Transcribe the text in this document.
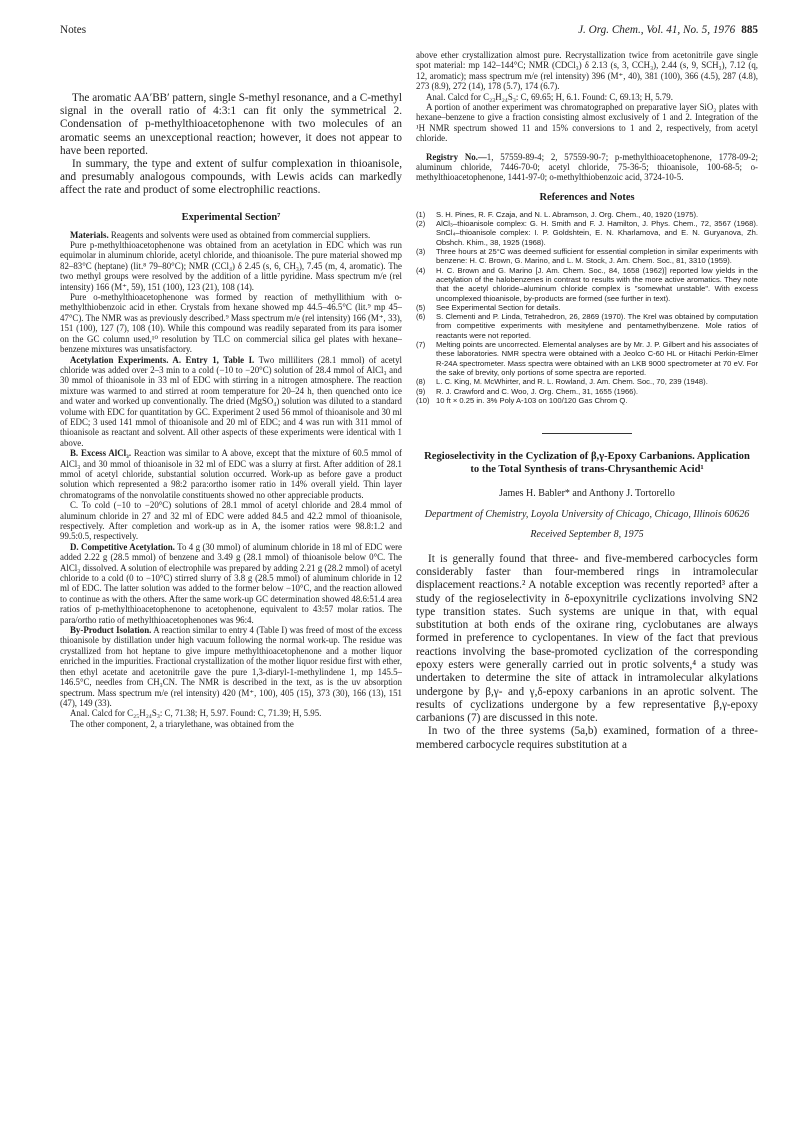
Notes	J. Org. Chem., Vol. 41, No. 5, 1976 885

The aromatic AA′BB′ pattern, single S-methyl resonance, and a C-methyl signal in the overall ratio of 4:3:1 can fit only the symmetrical 2. Condensation of p-methylthioacetophenone with two molecules of an aromatic seems an unexceptional reaction; however, it does not appear to have been reported.

In summary, the type and extent of sulfur complexation in thioanisole, and presumably analogous compounds, with Lewis acids can markedly affect the rate and product of some electrophilic reactions.

Experimental Section⁷

Materials. Reagents and solvents were used as obtained from commercial suppliers.

Pure p-methylthioacetophenone was obtained from an acetylation in EDC which was run equimolar in aluminum chloride, acetyl chloride, and thioanisole. The pure material showed mp 82–83°C (heptane) (lit.⁸ 79–80°C); NMR (CCl₄) δ 2.45 (s, 6, CH₃), 7.45 (m, 4, aromatic). The two methyl groups were resolved by the addition of a little pyridine. Mass spectrum m/e (rel intensity) 166 (M⁺, 59), 151 (100), 123 (21), 108 (14).

Pure o-methylthioacetophenone was formed by reaction of methyllithium with o-methylthiobenzoic acid in ether. Crystals from hexane showed mp 44.5–46.5°C (lit.⁹ mp 45–47°C). The NMR was as previously described.⁹ Mass spectrum m/e (rel intensity) 166 (M⁺, 33), 151 (100), 127 (7), 108 (10). While this compound was readily separated from its para isomer on the GC column used,¹⁰ resolution by TLC on commercial silica gel plates with hexane–benzene mixtures was unsatisfactory.

Acetylation Experiments. A. Entry 1, Table I. Two milliliters (28.1 mmol) of acetyl chloride was added over 2–3 min to a cold (−10 to −20°C) solution of 28.4 mmol of AlCl₃ and 30 mmol of thioanisole in 33 ml of EDC with stirring in a nitrogen atmosphere. The reaction mixture was warmed to and stirred at room temperature for 20–24 h, then quenched onto ice and water and worked up conventionally. The dried (MgSO₄) solution was diluted to a standard volume with EDC for quantitation by GC. Experiment 2 used 56 mmol of thioanisole and 30 ml of EDC; 3 used 141 mmol of thioanisole and 20 ml of EDC; and 4 was run with 311 mmol of thioanisole as reactant and solvent. All other aspects of these experiments were identical with 1 above.

B. Excess AlCl₃. Reaction was similar to A above, except that the mixture of 60.5 mmol of AlCl₃ and 30 mmol of thioanisole in 32 ml of EDC was a slurry at first. After addition of 28.1 mmol of acetyl chloride, substantial solution occurred. Work-up as before gave a product solution which represented a 98:2 para:ortho isomer ratio in 14% overall yield. Thin layer chromatograms of the nonvolatile constituents showed no other appreciable products.

C. To cold (−10 to −20°C) solutions of 28.1 mmol of acetyl chloride and 28.4 mmol of aluminum chloride in 27 and 32 ml of EDC were added 84.5 and 42.2 mmol of thioanisole, respectively. After completion and work-up as in A, the isomer ratios were 98.8:1.2 and 99.5:0.5, respectively.

D. Competitive Acetylation. To 4 g (30 mmol) of aluminum chloride in 18 ml of EDC were added 2.22 g (28.5 mmol) of benzene and 3.49 g (28.1 mmol) of thioanisole below 0°C. The AlCl₃ dissolved. A solution of electrophile was prepared by adding 2.21 g (28.2 mmol) of acetyl chloride to a cold (0 to −10°C) stirred slurry of 3.8 g (28.5 mmol) of aluminum chloride in 12 ml of EDC. The latter solution was added to the former below −10°C, and the reaction allowed to continue as with the others. After the same work-up GC determination showed 48.6:51.4 area ratios of p-methylthioacetophenone to acetophenone, equivalent to 43:57 molar ratios. The para/ortho ratio of methylthioacetophenones was 96:4.

By-Product Isolation. A reaction similar to entry 4 (Table I) was freed of most of the excess thioanisole by distillation under high vacuum following the normal work-up. The residue was crystallized from hot heptane to give impure methylthioacetophenone and a mother liquor enriched in the impurities. Fractional crystallization of the mother liquor residue first with ether, then ethyl acetate and acetonitrile gave the pure 1,3-diaryl-1-methylindene 1, mp 145.5–146.5°C, needles from CH₃CN. The NMR is described in the text, as is the uv absorption spectrum. Mass spectrum m/e (rel intensity) 420 (M⁺, 100), 405 (15), 373 (30), 166 (13), 151 (47), 149 (33).

Anal. Calcd for C₂₅H₂₄S₃: C, 71.38; H, 5.97. Found: C, 71.39; H, 5.95.

The other component, 2, a triarylethane, was obtained from the

above ether crystallization almost pure. Recrystallization twice from acetonitrile gave single spot material: mp 142–144°C; NMR (CDCl₃) δ 2.13 (s, 3, CCH₃), 2.44 (s, 9, SCH₃), 7.12 (q, 12, aromatic); mass spectrum m/e (rel intensity) 396 (M⁺, 40), 381 (100), 366 (4.5), 287 (4.8), 273 (8.9), 272 (14), 178 (5.7), 174 (6.7).

Anal. Calcd for C₂₃H₂₄S₃: C, 69.65; H, 6.1. Found: C, 69.13; H, 5.79.

A portion of another experiment was chromatographed on preparative layer SiO₂ plates with hexane–benzene to give a fraction consisting almost exclusively of 1 and 2. Integration of the ¹H NMR spectrum showed 11 and 15% conversions to 1 and 2, respectively, from acetyl chloride.

Registry No.—1, 57559-89-4; 2, 57559-90-7; p-methylthioacetophenone, 1778-09-2; aluminum chloride, 7446-70-0; acetyl chloride, 75-36-5; thioanisole, 100-68-5; o-methylthioacetophenone, 1441-97-0; o-methylthiobenzoic acid, 3724-10-5.

References and Notes
(1) S. H. Pines, R. F. Czaja, and N. L. Abramson, J. Org. Chem., 40, 1920 (1975).
(2) AlCl₃–thioanisole complex: G. H. Smith and F. J. Hamilton, J. Phys. Chem., 72, 3567 (1968). SnCl₄–thioanisole complex: I. P. Goldshtein, E. N. Kharlamova, and E. N. Guryanova, Zh. Obshch. Khim., 38, 1925 (1968).
(3) Three hours at 25°C was deemed sufficient for essential completion in similar experiments with benzene: H. C. Brown, G. Marino, and L. M. Stock, J. Am. Chem. Soc., 81, 3310 (1959).
(4) H. C. Brown and G. Marino [J. Am. Chem. Soc., 84, 1658 (1962)] reported low yields in the acetylation of the halobenzenes in contrast to results with the more active aromatics. They note that the acetyl chloride–aluminum chloride complex is "somewhat unstable". With excess uncomplexed thioanisole, by-products are formed (see further in text).
(5) See Experimental Section for details.
(6) S. Clementi and P. Linda, Tetrahedron, 26, 2869 (1970). The Krel was obtained by computation from competitive experiments with mesitylene and pentamethylbenzene. Mole ratios of reactants were not reported.
(7) Melting points are uncorrected. Elemental analyses are by Mr. J. P. Gilbert and his associates of these laboratories. NMR spectra were obtained with a Jeolco C-60 HL or Hitachi Perkin-Elmer R-24A spectrometer. Mass spectra were obtained with an LKB 9000 spectrometer at 70 eV. For the sake of brevity, only portions of some spectra are reported.
(8) L. C. King, M. McWhirter, and R. L. Rowland, J. Am. Chem. Soc., 70, 239 (1948).
(9) R. J. Crawford and C. Woo, J. Org. Chem., 31, 1655 (1966).
(10) 10 ft × 0.25 in. 3% Poly A-103 on 100/120 Gas Chrom Q.
Regioselectivity in the Cyclization of β,γ-Epoxy Carbanions. Application to the Total Synthesis of trans-Chrysanthemic Acid¹
James H. Babler* and Anthony J. Tortorello
Department of Chemistry, Loyola University of Chicago, Chicago, Illinois 60626
Received September 8, 1975

It is generally found that three- and five-membered carbocycles form considerably faster than four-membered rings in intramolecular displacement reactions.² A notable exception was recently reported³ after a study of the regioselectivity in δ-epoxynitrile cyclizations involving SN2 type transition states. Such systems are unique in that, with equal substitution at both ends of the oxirane ring, cyclobutanes are always formed in preference to cyclopentanes. In view of the fact that previous reactions involving the base-promoted cyclization of the corresponding epoxy esters were generally carried out in protic solvents,⁴ a study was undertaken to determine the site of attack in intramolecular alkylations undergone by β,γ- and γ,δ-epoxy carbanions in an aprotic solvent. The results of cyclizations undergone by a few representative β,γ-epoxy carbanions (7) are discussed in this note.

In two of the three systems (5a,b) examined, formation of a three-membered carbocycle requires substitution at a
